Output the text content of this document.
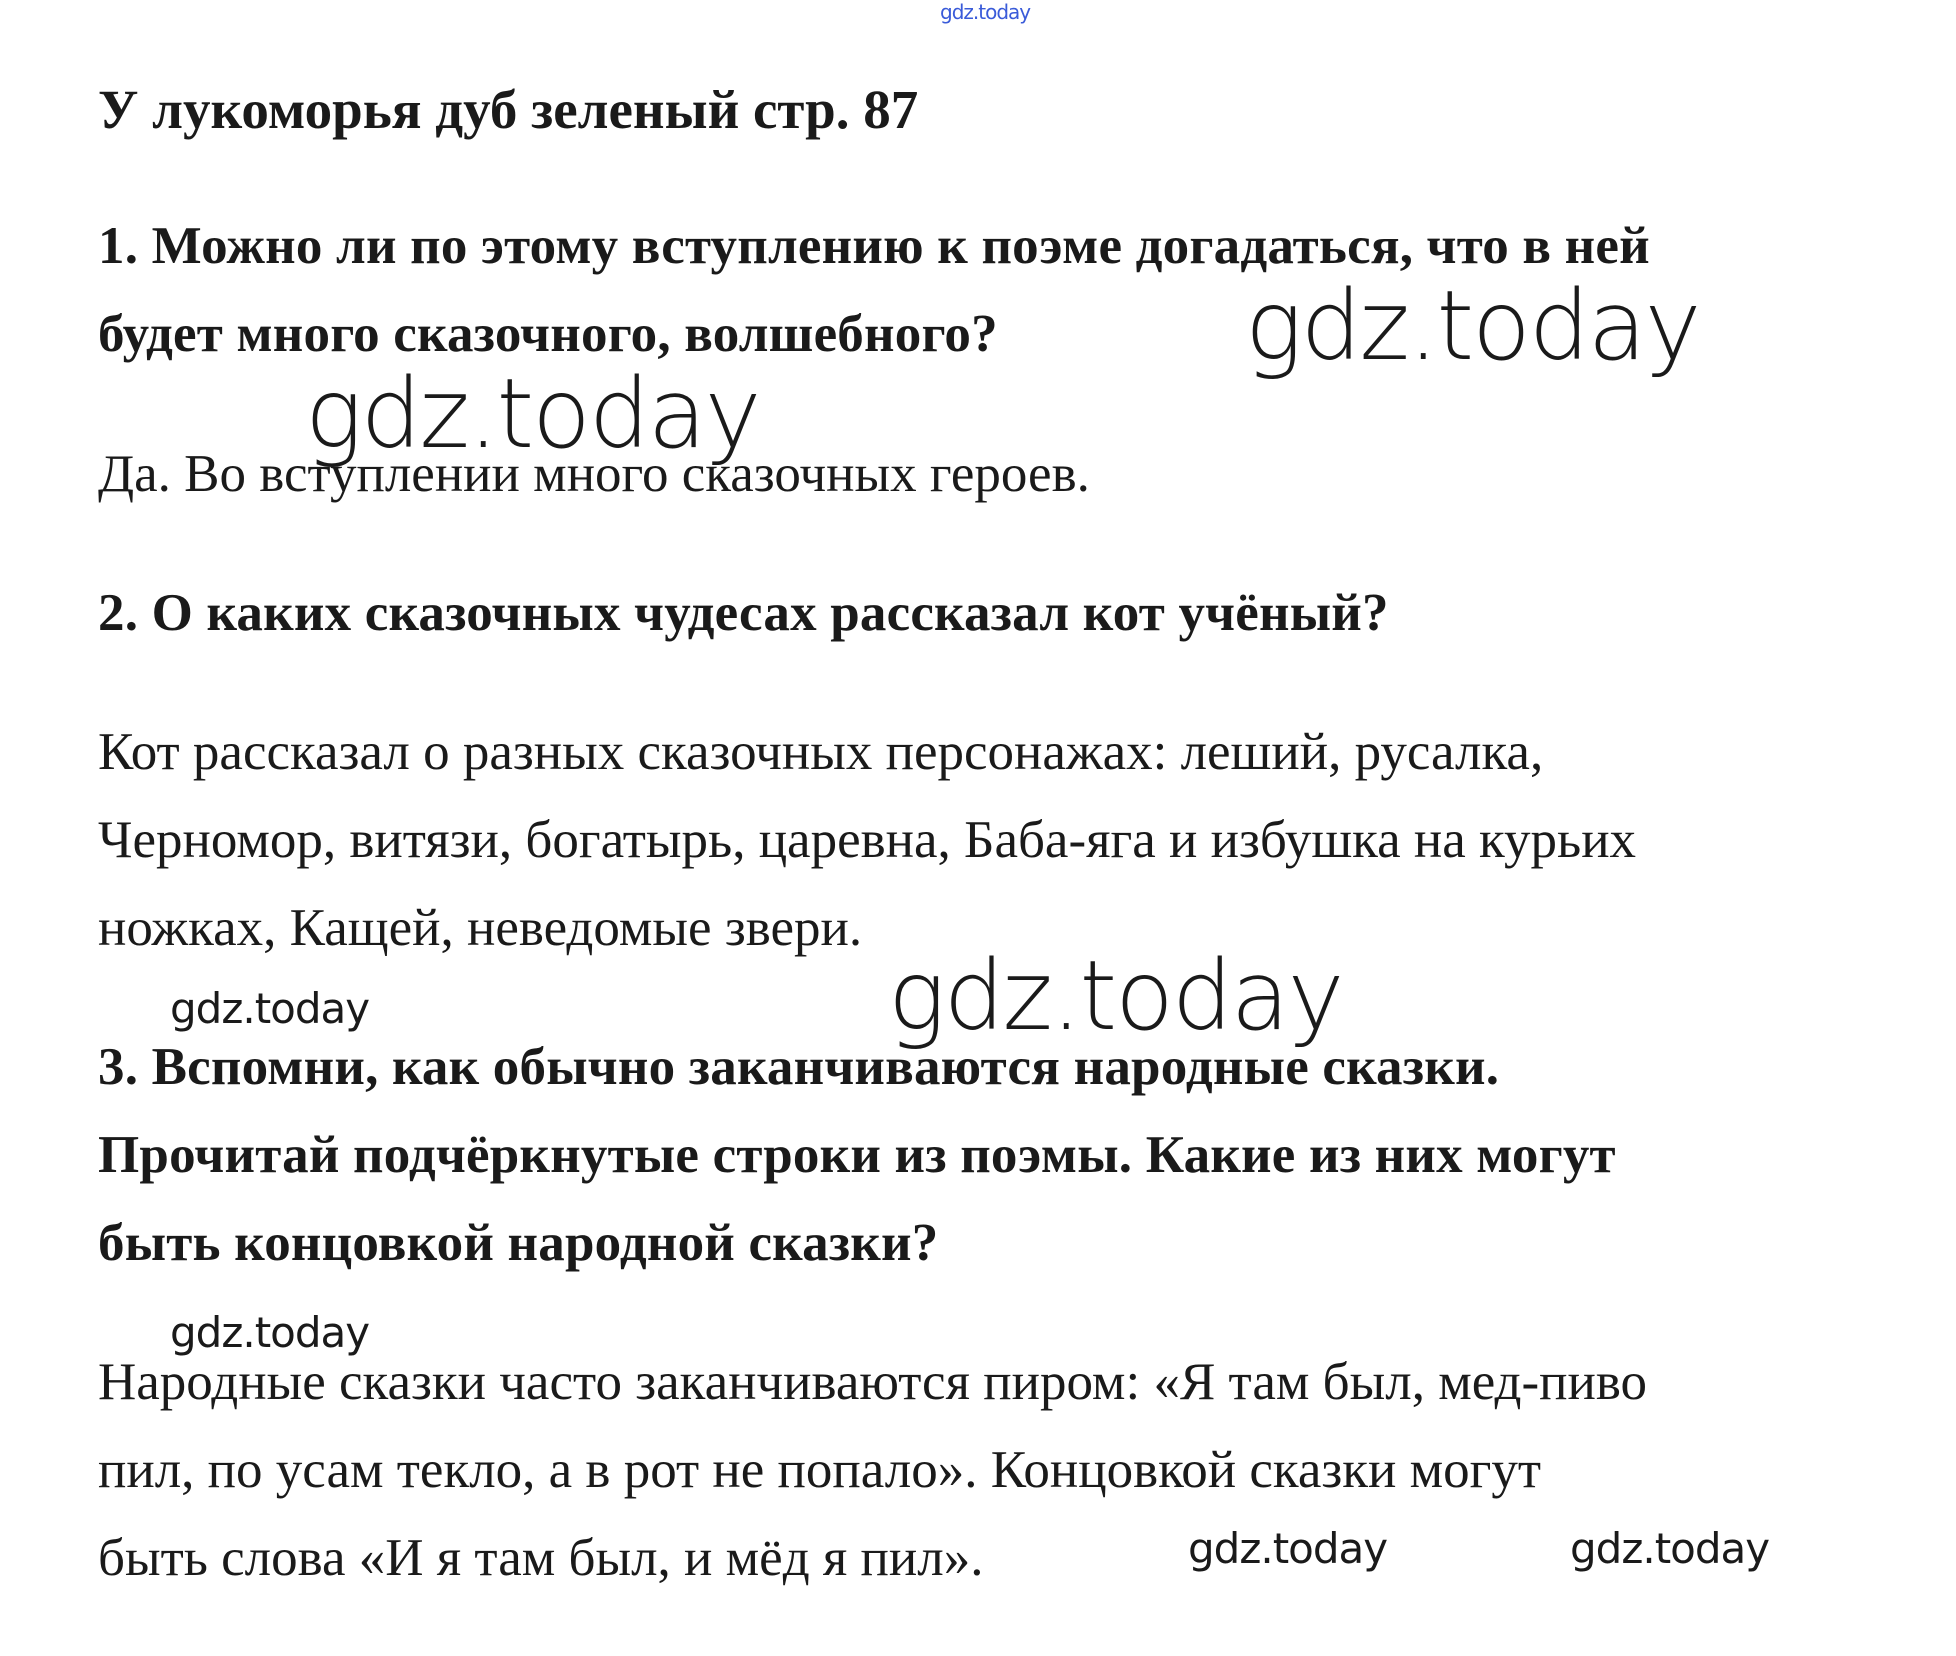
gdz.today
У лукоморья дуб зеленый стр. 87
1. Можно ли по этому вступлению к поэме догадаться, что в ней
будет много сказочного, волшебного?
Да. Во вступлении много сказочных героев.
2. О каких сказочных чудесах рассказал кот учёный?
Кот рассказал о разных сказочных персонажах: леший, русалка,
Черномор, витязи, богатырь, царевна, Баба-яга и избушка на курьих
ножках, Кащей, неведомые звери.
3. Вспомни, как обычно заканчиваются народные сказки.
Прочитай подчёркнутые строки из поэмы. Какие из них могут
быть концовкой народной сказки?
Народные сказки часто заканчиваются пиром: «Я там был, мед-пиво
пил, по усам текло, а в рот не попало». Концовкой сказки могут
быть слова «И я там был, и мёд я пил».
gdz.today
gdz.today
gdz.today
gdz.today
gdz.today
gdz.today	gdz.today
